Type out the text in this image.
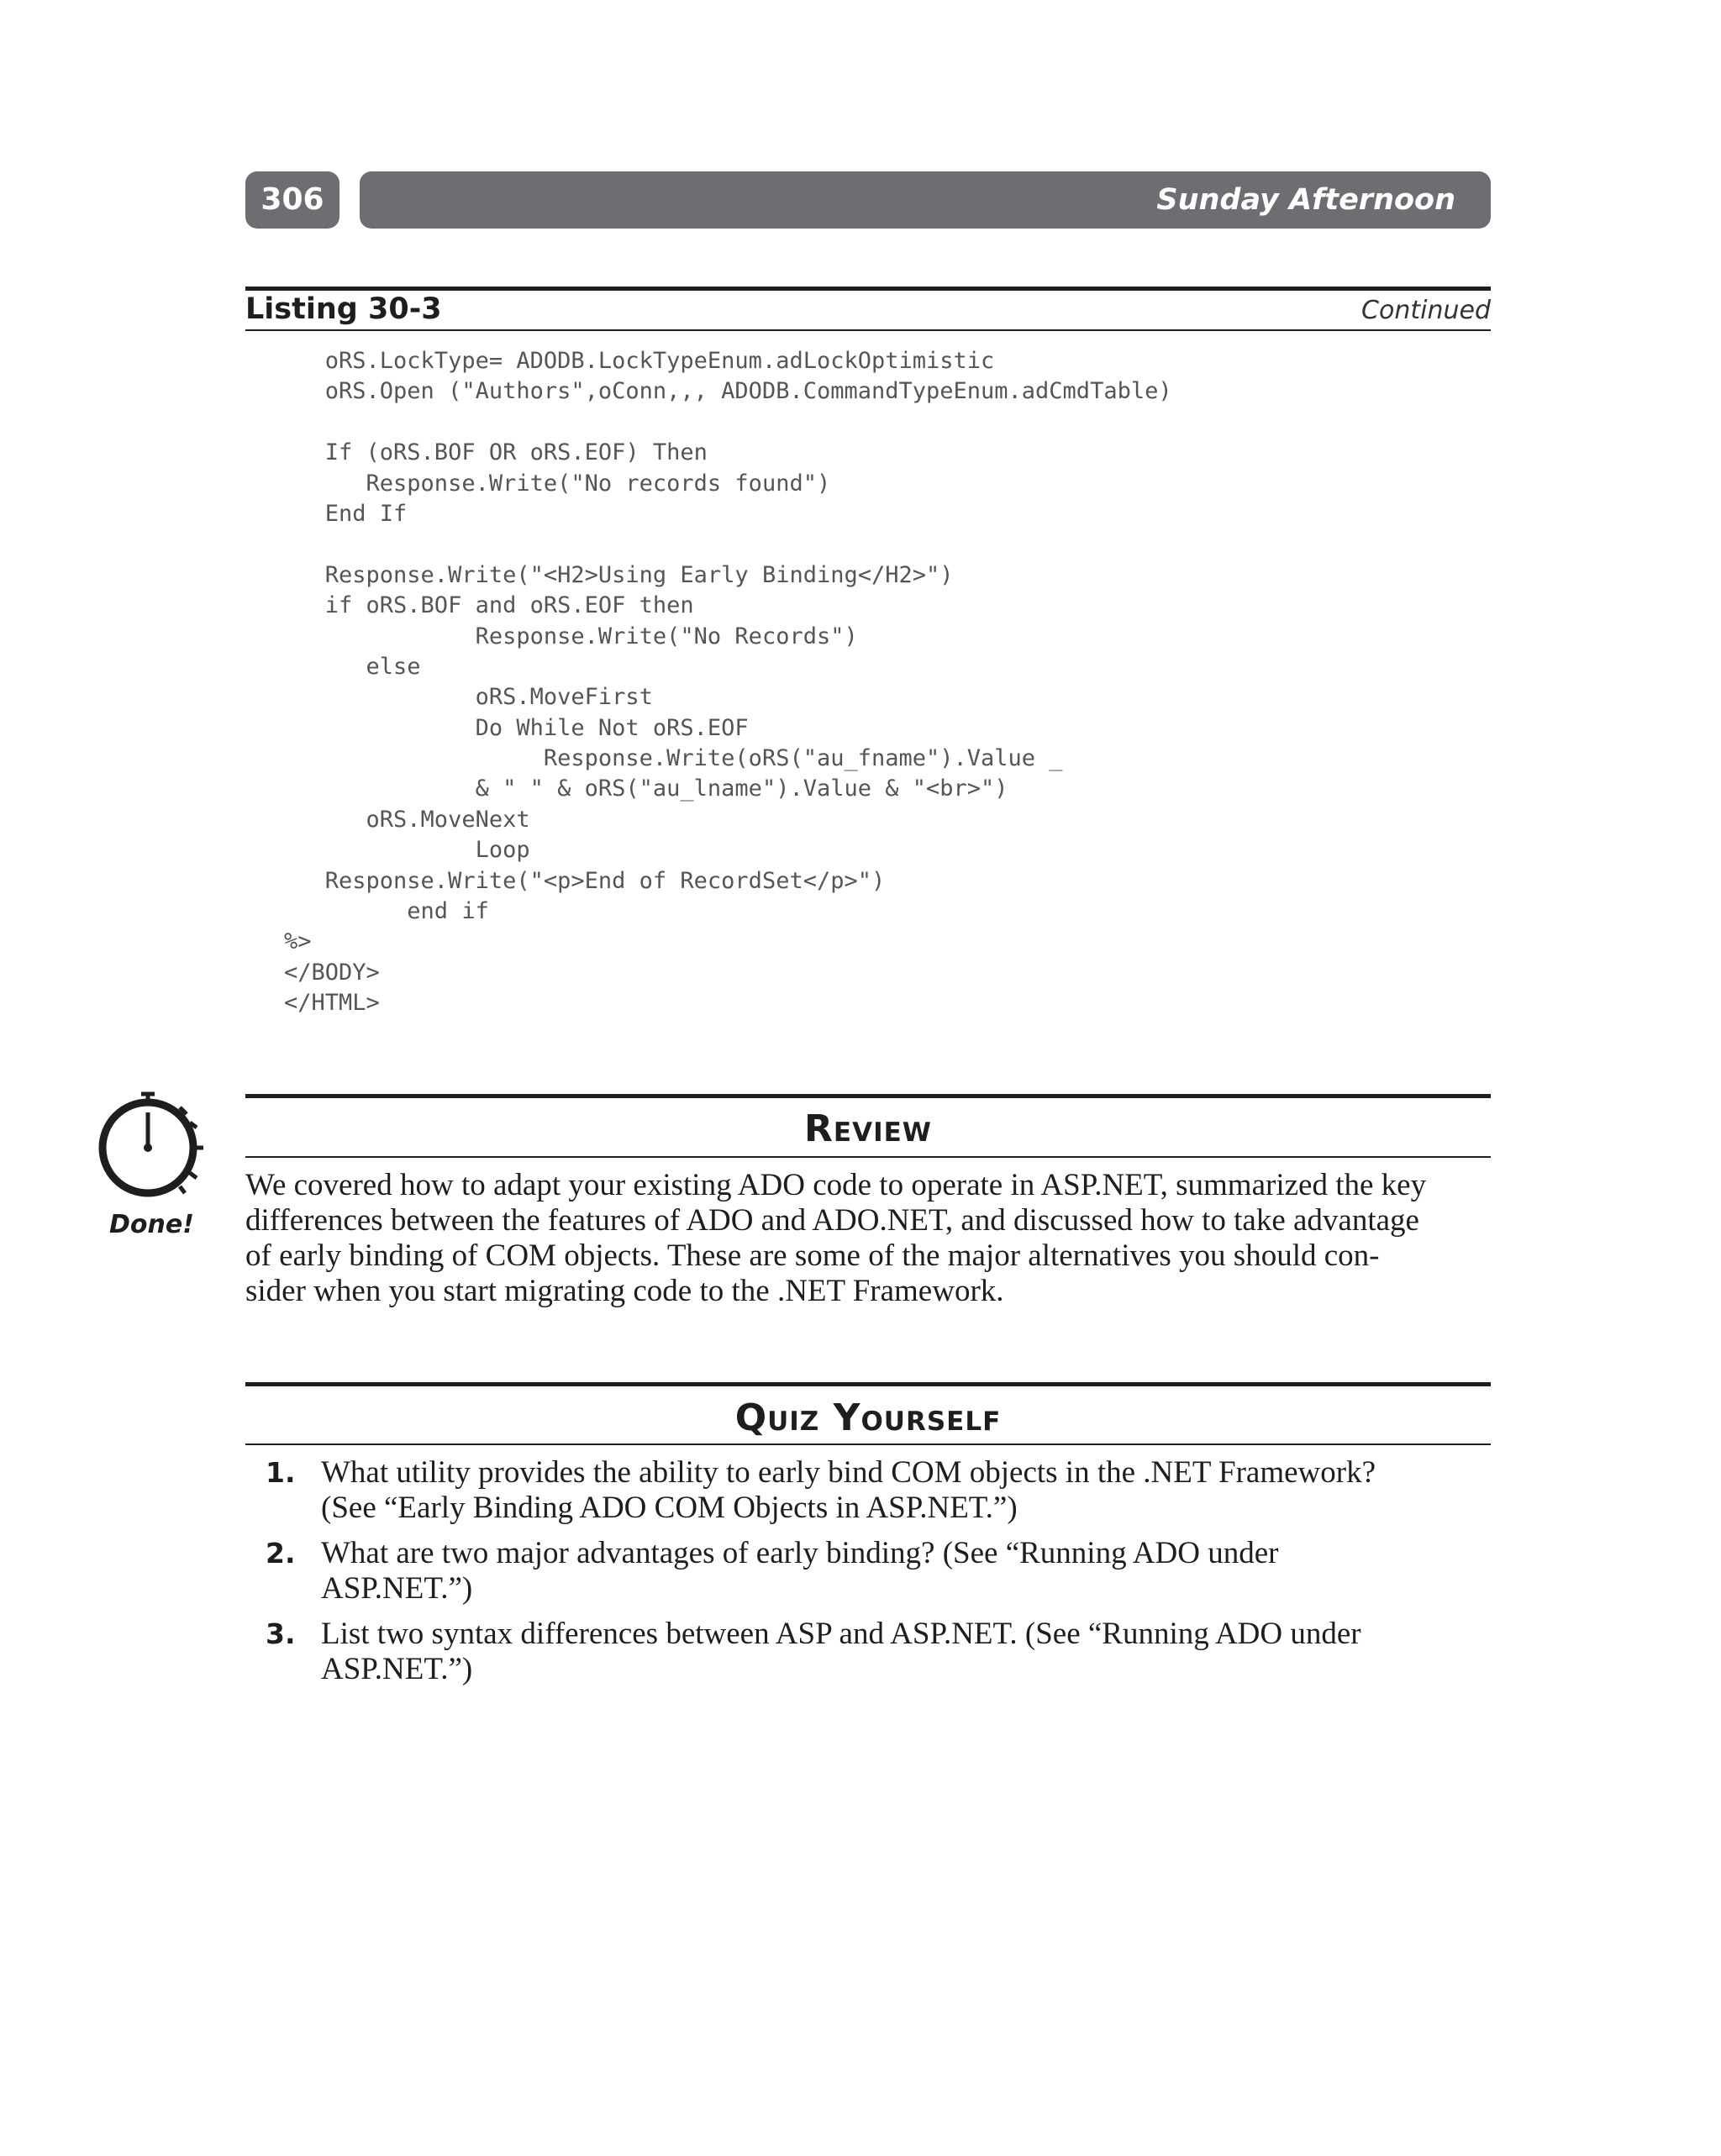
306	Sunday Afternoon
Listing 30-3	Continued
oRS.LockType= ADODB.LockTypeEnum.adLockOptimistic
oRS.Open ("Authors",oConn,,, ADODB.CommandTypeEnum.adCmdTable)
If (oRS.BOF OR oRS.EOF) Then
Response.Write("No records found")
End If
Response.Write("<H2>Using Early Binding</H2>")
if oRS.BOF and oRS.EOF then
Response.Write("No Records")
else
oRS.MoveFirst
Do While Not oRS.EOF
Response.Write(oRS("au_fname").Value _
& " " & oRS("au_lname").Value & "<br>")
oRS.MoveNext
Loop
Response.Write("<p>End of RecordSet</p>")
end if
%>
</BODY>
</HTML>
Review
Done!

We covered how to adapt your existing ADO code to operate in ASP.NET, summarized the key

differences between the features of ADO and ADO.NET, and discussed how to take advantage

of early binding of COM objects. These are some of the major alternatives you should con-

sider when you start migrating code to the .NET Framework.

Quiz Yourself
1. What utility provides the ability to early bind COM objects in the .NET Framework?
(See “Early Binding ADO COM Objects in ASP.NET.”)
2. What are two major advantages of early binding? (See “Running ADO under
ASP.NET.”)
3. List two syntax differences between ASP and ASP.NET. (See “Running ADO under
ASP.NET.”)
